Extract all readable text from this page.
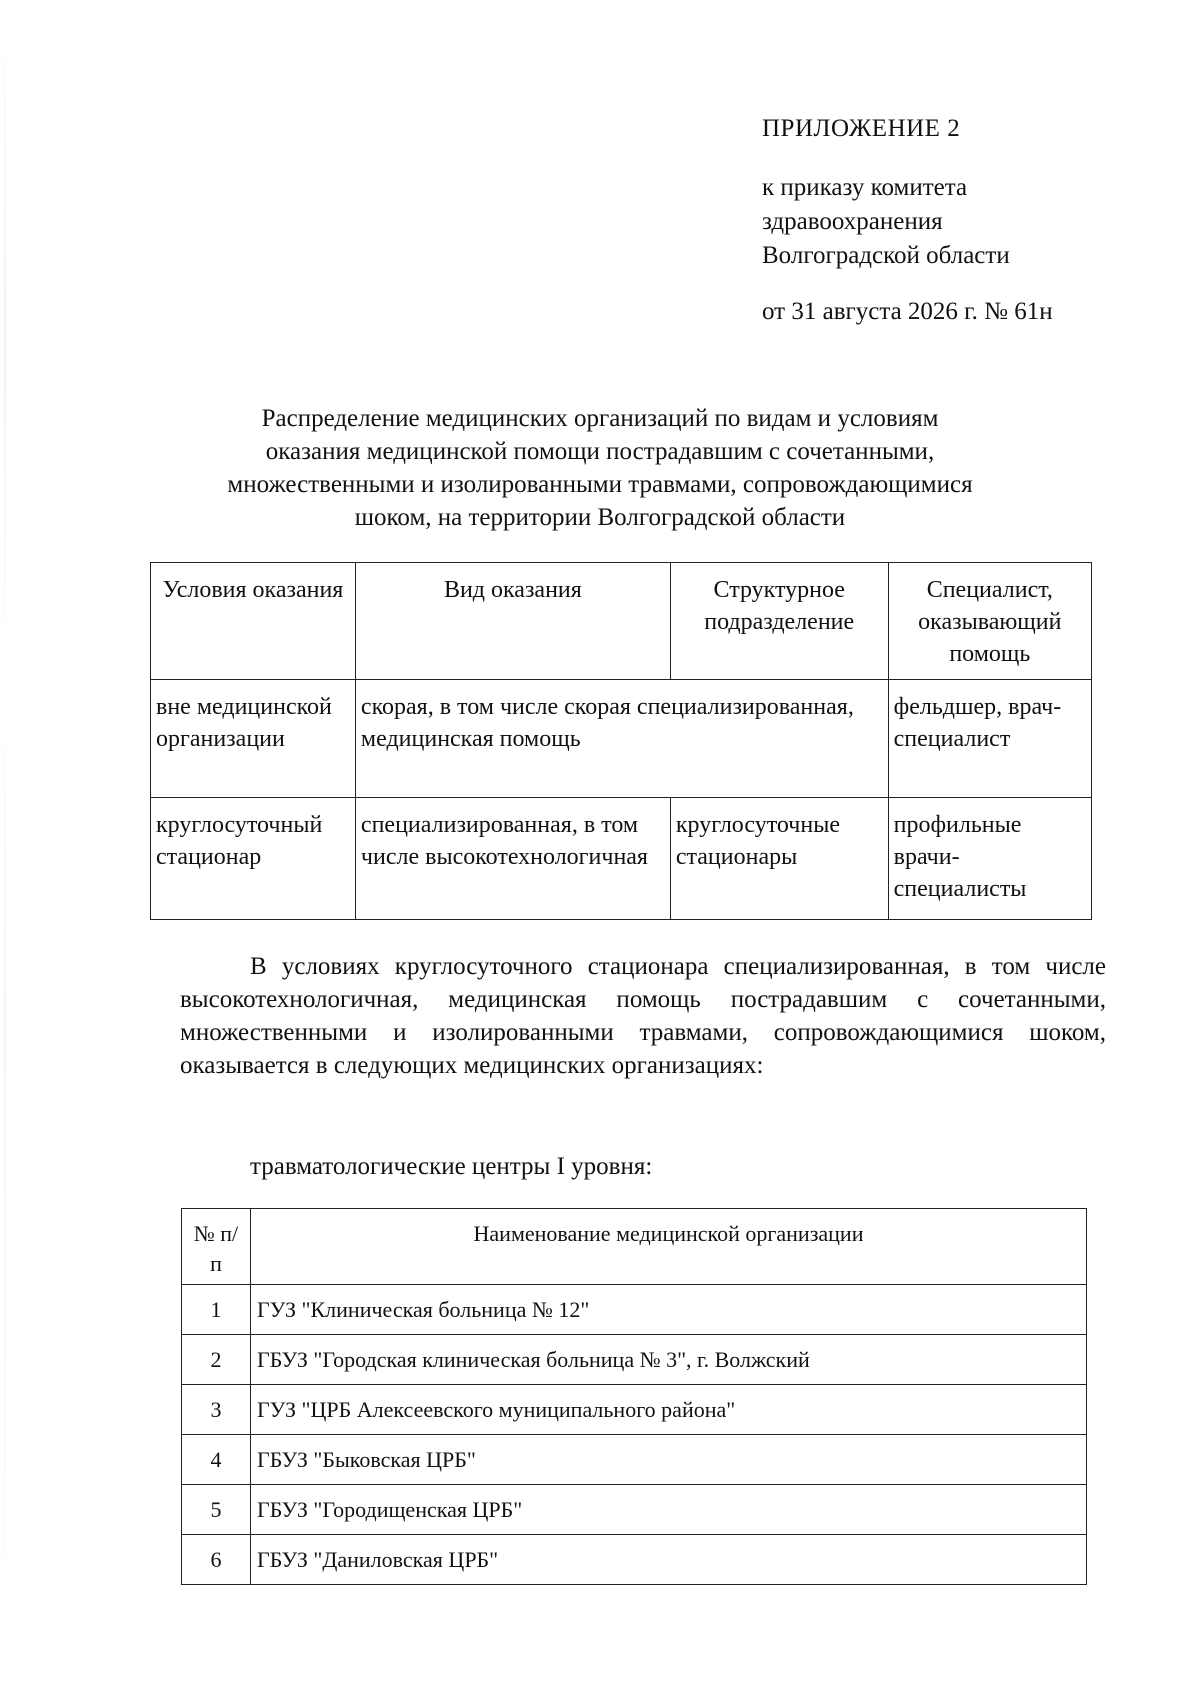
ПРИЛОЖЕНИЕ 2
к приказу комитета
здравоохранения
Волгоградской области
от 31 августа 2026 г. № 61н
Распределение медицинских организаций по видам и условиям
оказания медицинской помощи пострадавшим с сочетанными,
множественными и изолированными травмами, сопровождающимися
шоком, на территории Волгоградской области
Условия оказания	Вид оказания	Структурное подразделение	Специалист, оказывающий помощь
вне медицинской организации	скорая, в том числе скорая специализированная, медицинская помощь		фельдшер, врач-специалист
круглосуточный стационар	специализированная, в том числе высокотехнологичная	круглосуточные стационары	профильные врачи-специалисты
В условиях круглосуточного стационара специализированная, в том числе высокотехнологичная, медицинская помощь пострадавшим с сочетанными, множественными и изолированными травмами, сопровождающимися шоком, оказывается в следующих медицинских организациях:
травматологические центры I уровня:
№ п/п	Наименование медицинской организации
1	ГУЗ "Клиническая больница № 12"
2	ГБУЗ "Городская клиническая больница № 3", г. Волжский
3	ГУЗ "ЦРБ Алексеевского муниципального района"
4	ГБУЗ "Быковская ЦРБ"
5	ГБУЗ "Городищенская ЦРБ"
6	ГБУЗ "Даниловская ЦРБ"
